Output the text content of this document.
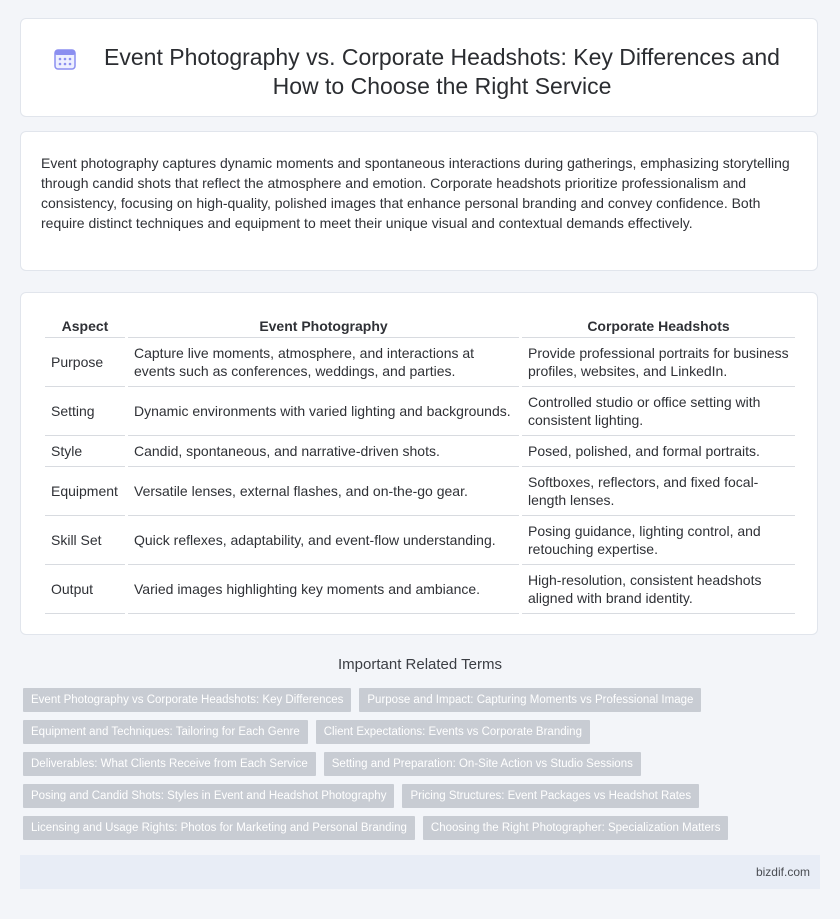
Event Photography vs. Corporate Headshots: Key Differences and How to Choose the Right Service
Event photography captures dynamic moments and spontaneous interactions during gatherings, emphasizing storytelling through candid shots that reflect the atmosphere and emotion. Corporate headshots prioritize professionalism and consistency, focusing on high-quality, polished images that enhance personal branding and convey confidence. Both require distinct techniques and equipment to meet their unique visual and contextual demands effectively.
Aspect	Event Photography	Corporate Headshots
Purpose	Capture live moments, atmosphere, and interactions at events such as conferences, weddings, and parties.	Provide professional portraits for business profiles, websites, and LinkedIn.
Setting	Dynamic environments with varied lighting and backgrounds.	Controlled studio or office setting with consistent lighting.
Style	Candid, spontaneous, and narrative-driven shots.	Posed, polished, and formal portraits.
Equipment	Versatile lenses, external flashes, and on-the-go gear.	Softboxes, reflectors, and fixed focal-length lenses.
Skill Set	Quick reflexes, adaptability, and event-flow understanding.	Posing guidance, lighting control, and retouching expertise.
Output	Varied images highlighting key moments and ambiance.	High-resolution, consistent headshots aligned with brand identity.
Important Related Terms
Event Photography vs Corporate Headshots: Key Differences	Purpose and Impact: Capturing Moments vs Professional Image
Equipment and Techniques: Tailoring for Each Genre	Client Expectations: Events vs Corporate Branding
Deliverables: What Clients Receive from Each Service	Setting and Preparation: On-Site Action vs Studio Sessions
Posing and Candid Shots: Styles in Event and Headshot Photography	Pricing Structures: Event Packages vs Headshot Rates
Licensing and Usage Rights: Photos for Marketing and Personal Branding	Choosing the Right Photographer: Specialization Matters
bizdif.com
